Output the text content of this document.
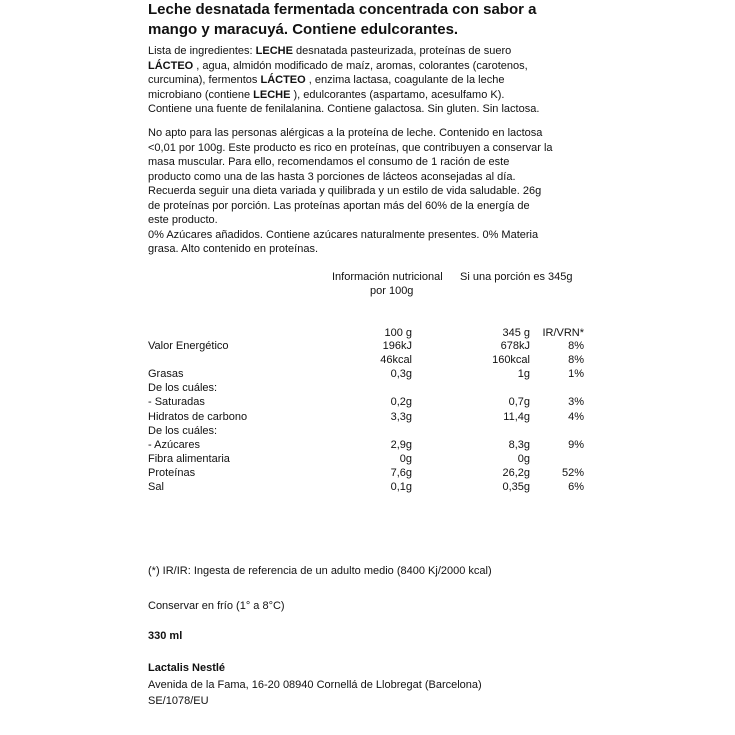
Leche desnatada fermentada concentrada con sabor a
mango y maracuyá. Contiene edulcorantes.
Lista de ingredientes: LECHE desnatada pasteurizada, proteínas de suero
LÁCTEO , agua, almidón modificado de maíz, aromas, colorantes (carotenos,
curcumina), fermentos LÁCTEO , enzima lactasa, coagulante de la leche
microbiano (contiene LECHE ), edulcorantes (aspartamo, acesulfamo K).
Contiene una fuente de fenilalanina. Contiene galactosa. Sin gluten. Sin lactosa.
No apto para las personas alérgicas a la proteína de leche. Contenido en lactosa
<0,01 por 100g. Este producto es rico en proteínas, que contribuyen a conservar la
masa muscular. Para ello, recomendamos el consumo de 1 ración de este
producto como una de las hasta 3 porciones de lácteos aconsejadas al día.
Recuerda seguir una dieta variada y quilibrada y un estilo de vida saludable. 26g
de proteínas por porción. Las proteínas aportan más del 60% de la energía de
este producto.
0% Azúcares añadidos. Contiene azúcares naturalmente presentes. 0% Materia
grasa. Alto contenido en proteínas.
Información nutricional
por 100g
Si una porción es 345g
100 g	345 g	IR/VRN*
Valor Energético	196kJ	678kJ	8%
46kcal	160kcal	8%
Grasas	0,3g	1g	1%
De los cuáles:
- Saturadas	0,2g	0,7g	3%
Hidratos de carbono	3,3g	11,4g	4%
De los cuáles:
- Azúcares	2,9g	8,3g	9%
Fibra alimentaria	0g	0g
Proteínas	7,6g	26,2g	52%
Sal	0,1g	0,35g	6%
(*) IR/IR: Ingesta de referencia de un adulto medio (8400 Kj/2000 kcal)
Conservar en frío (1° a 8°C)
330 ml
Lactalis Nestlé
Avenida de la Fama, 16-20 08940 Cornellá de Llobregat (Barcelona)
SE/1078/EU
